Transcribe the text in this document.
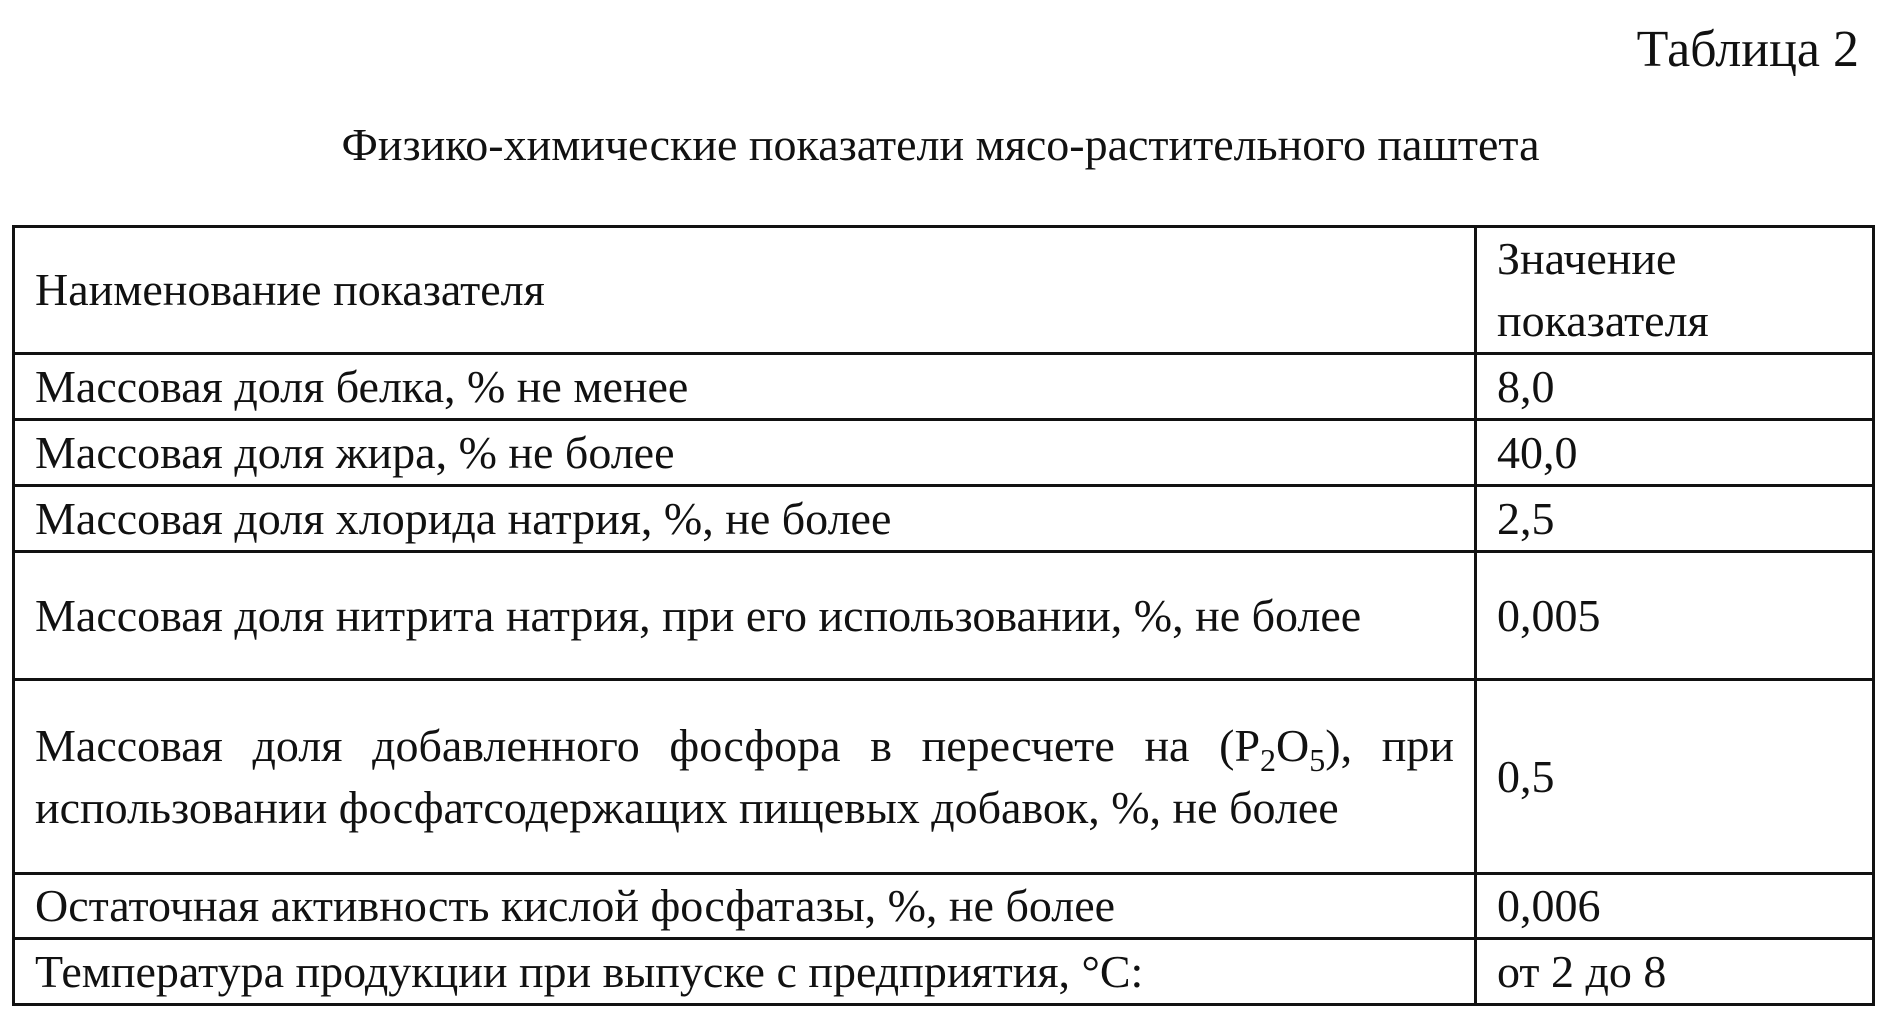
Таблица 2
Физико-химические показатели мясо-растительного паштета
Наименование показателя	Значение
показателя
Массовая доля белка, % не менее	8,0
Массовая доля жира, % не более	40,0
Массовая доля хлорида натрия, %, не более	2,5
Массовая доля нитрита натрия, при его использовании, %, не более	0,005
Массовая доля добавленного фосфора в пересчете на $(P_2O_5)$, при использовании фосфатсодержащих пищевых добавок, %, не более	0,5
Остаточная активность кислой фосфатазы, %, не более	0,006
Температура продукции при выпуске с предприятия, °С:	от 2 до 8
